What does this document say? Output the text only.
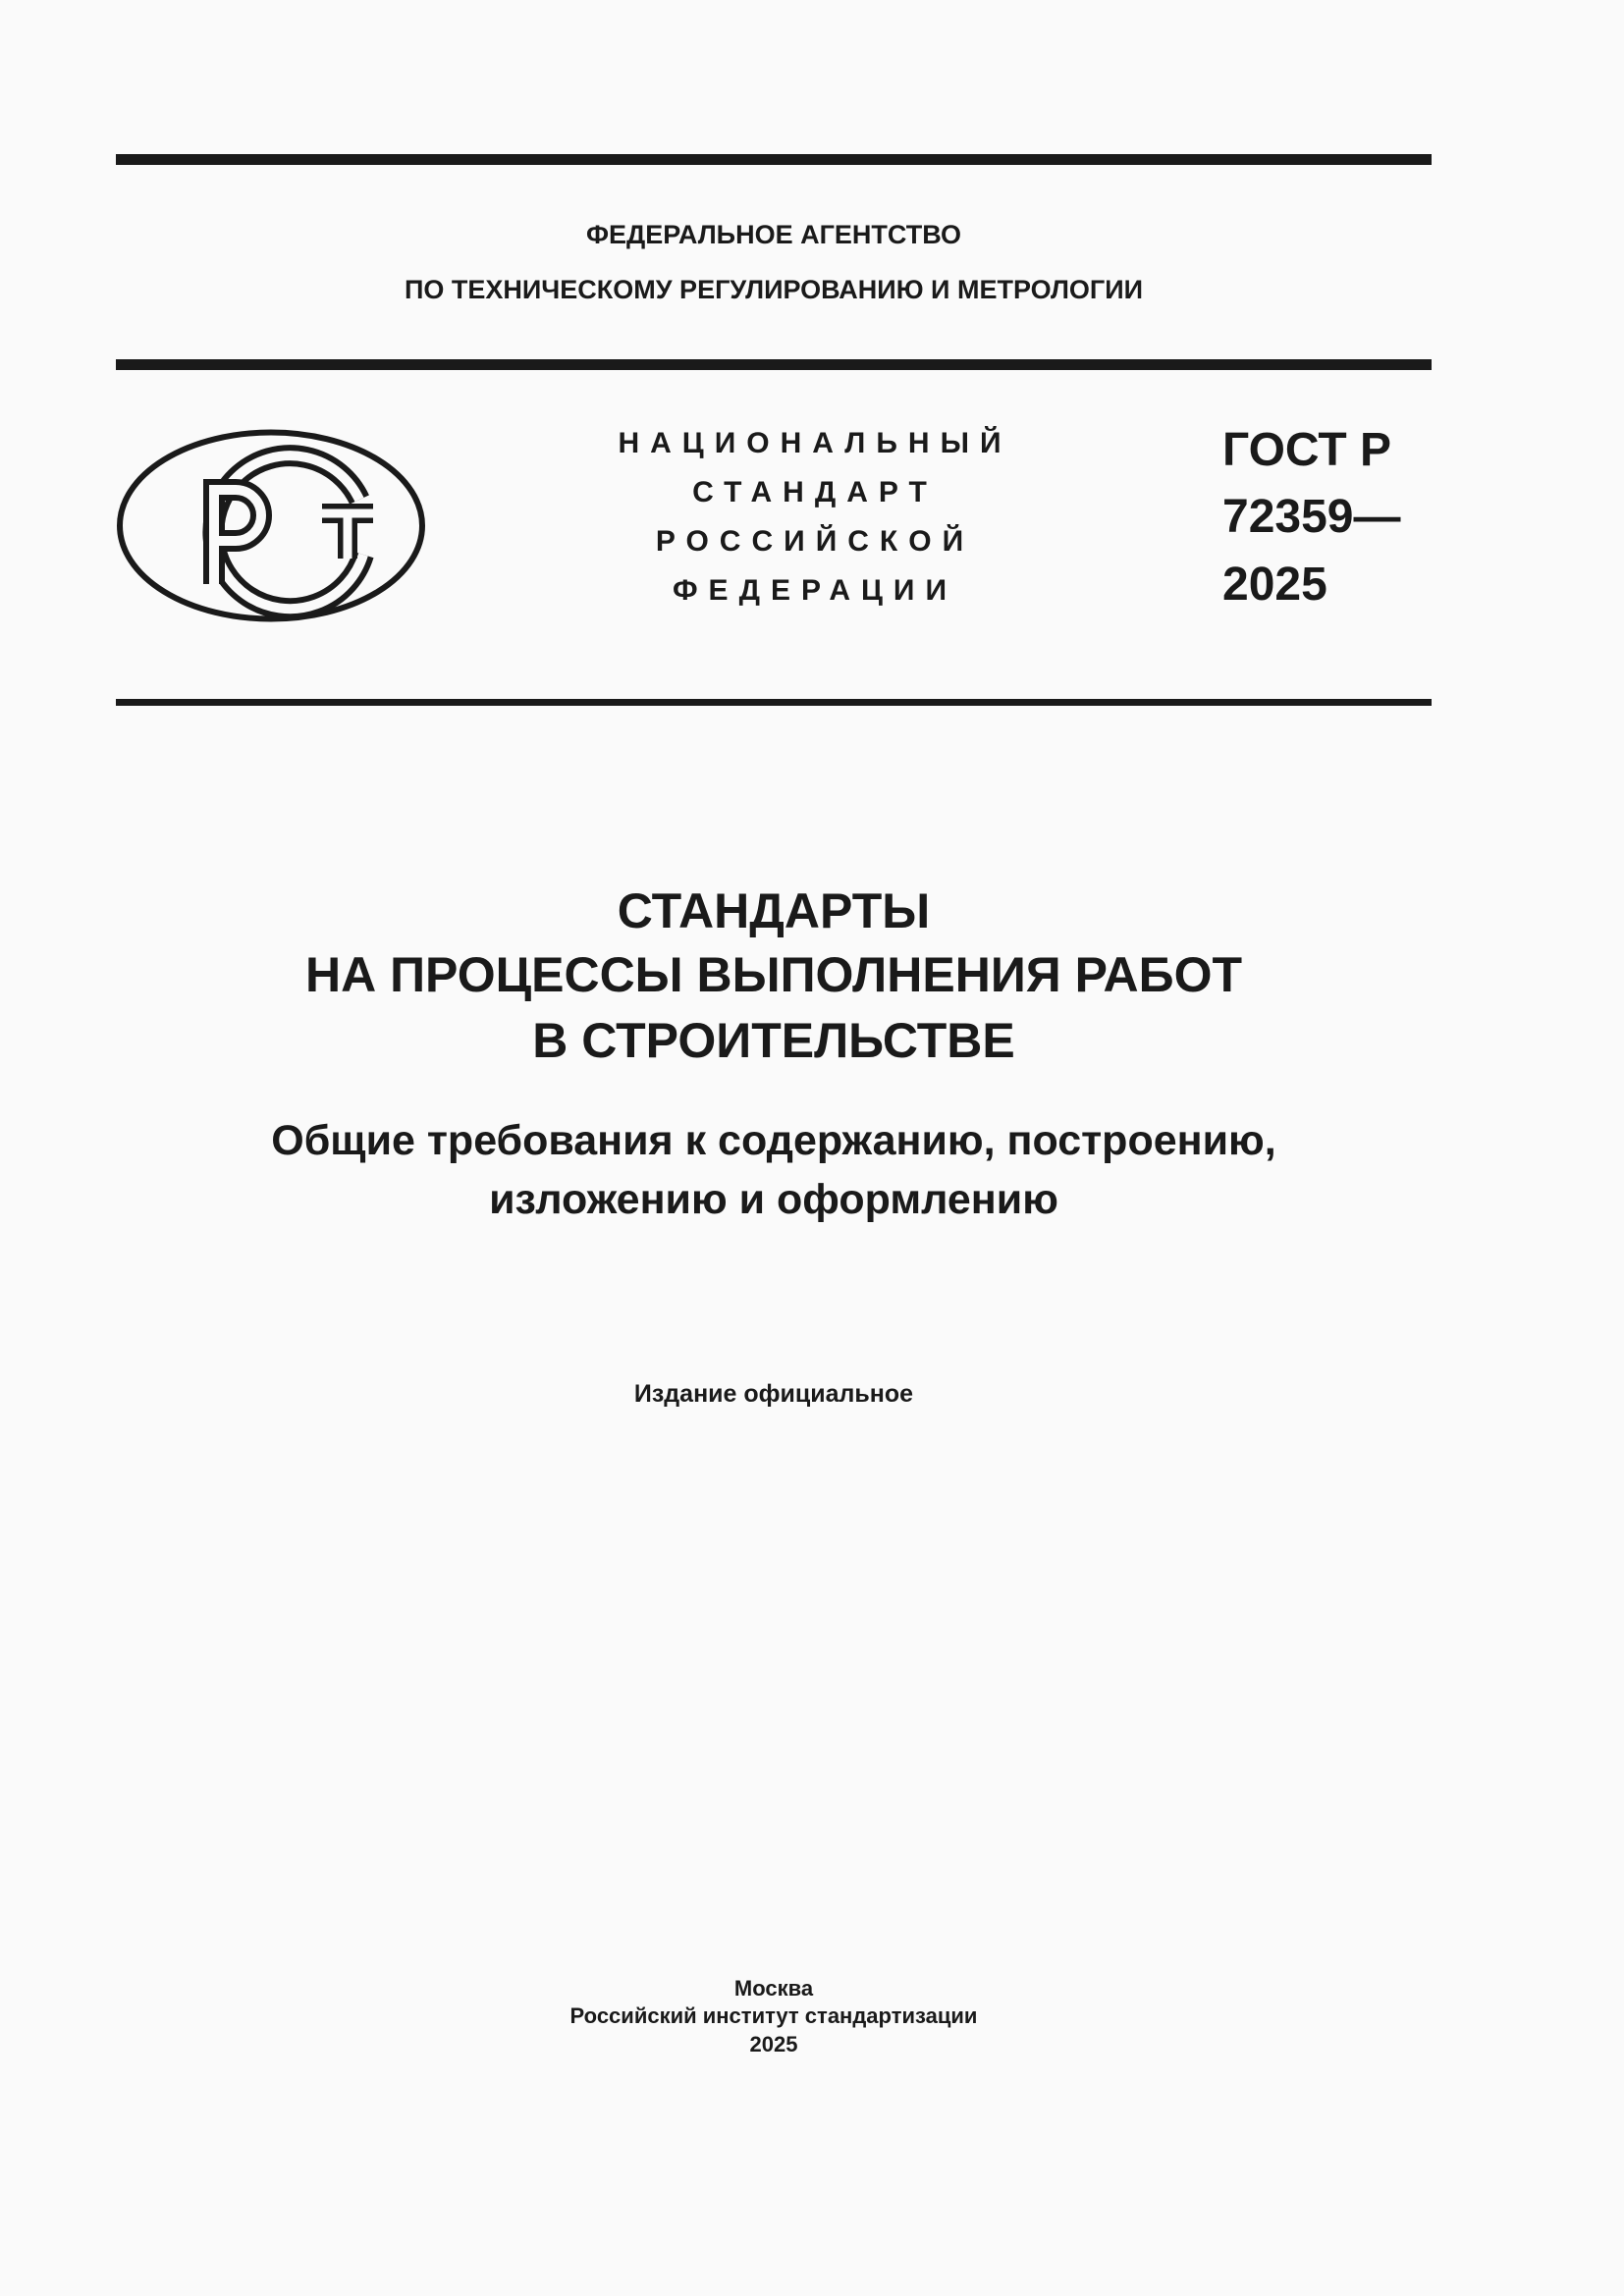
ФЕДЕРАЛЬНОЕ АГЕНТСТВО
ПО ТЕХНИЧЕСКОМУ РЕГУЛИРОВАНИЮ И МЕТРОЛОГИИ
НАЦИОНАЛЬНЫЙ
СТАНДАРТ
РОССИЙСКОЙ
ФЕДЕРАЦИИ
ГОСТ Р
72359—
2025
СТАНДАРТЫ
НА ПРОЦЕССЫ ВЫПОЛНЕНИЯ РАБОТ
В СТРОИТЕЛЬСТВЕ
Общие требования к содержанию, построению,
изложению и оформлению
Издание официальное
Москва
Российский институт стандартизации
2025
